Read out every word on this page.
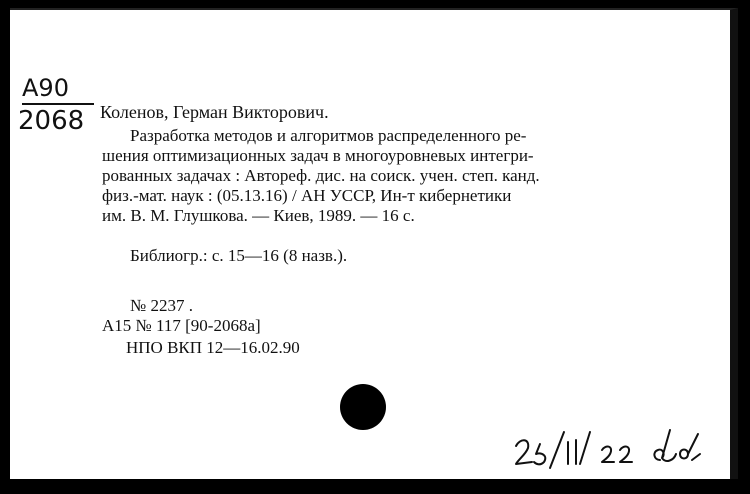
A90
2068 Коленов, Герман Викторович.
Разработка методов и алгоритмов распределенного ре-
шения оптимизационных задач в многоуровневых интегри-
рованных задачах : Автореф. дис. на соиск. учен. степ. канд.
физ.-мат. наук : (05.13.16) / АН УССР, Ин-т кибернетики
им. В. М. Глушкова. — Киев, 1989. — 16 с.
Библиогр.: с. 15—16 (8 назв.).
№ 2237 .
A15 № 117 [90-2068a]
НПО ВКП 12—16.02.90
